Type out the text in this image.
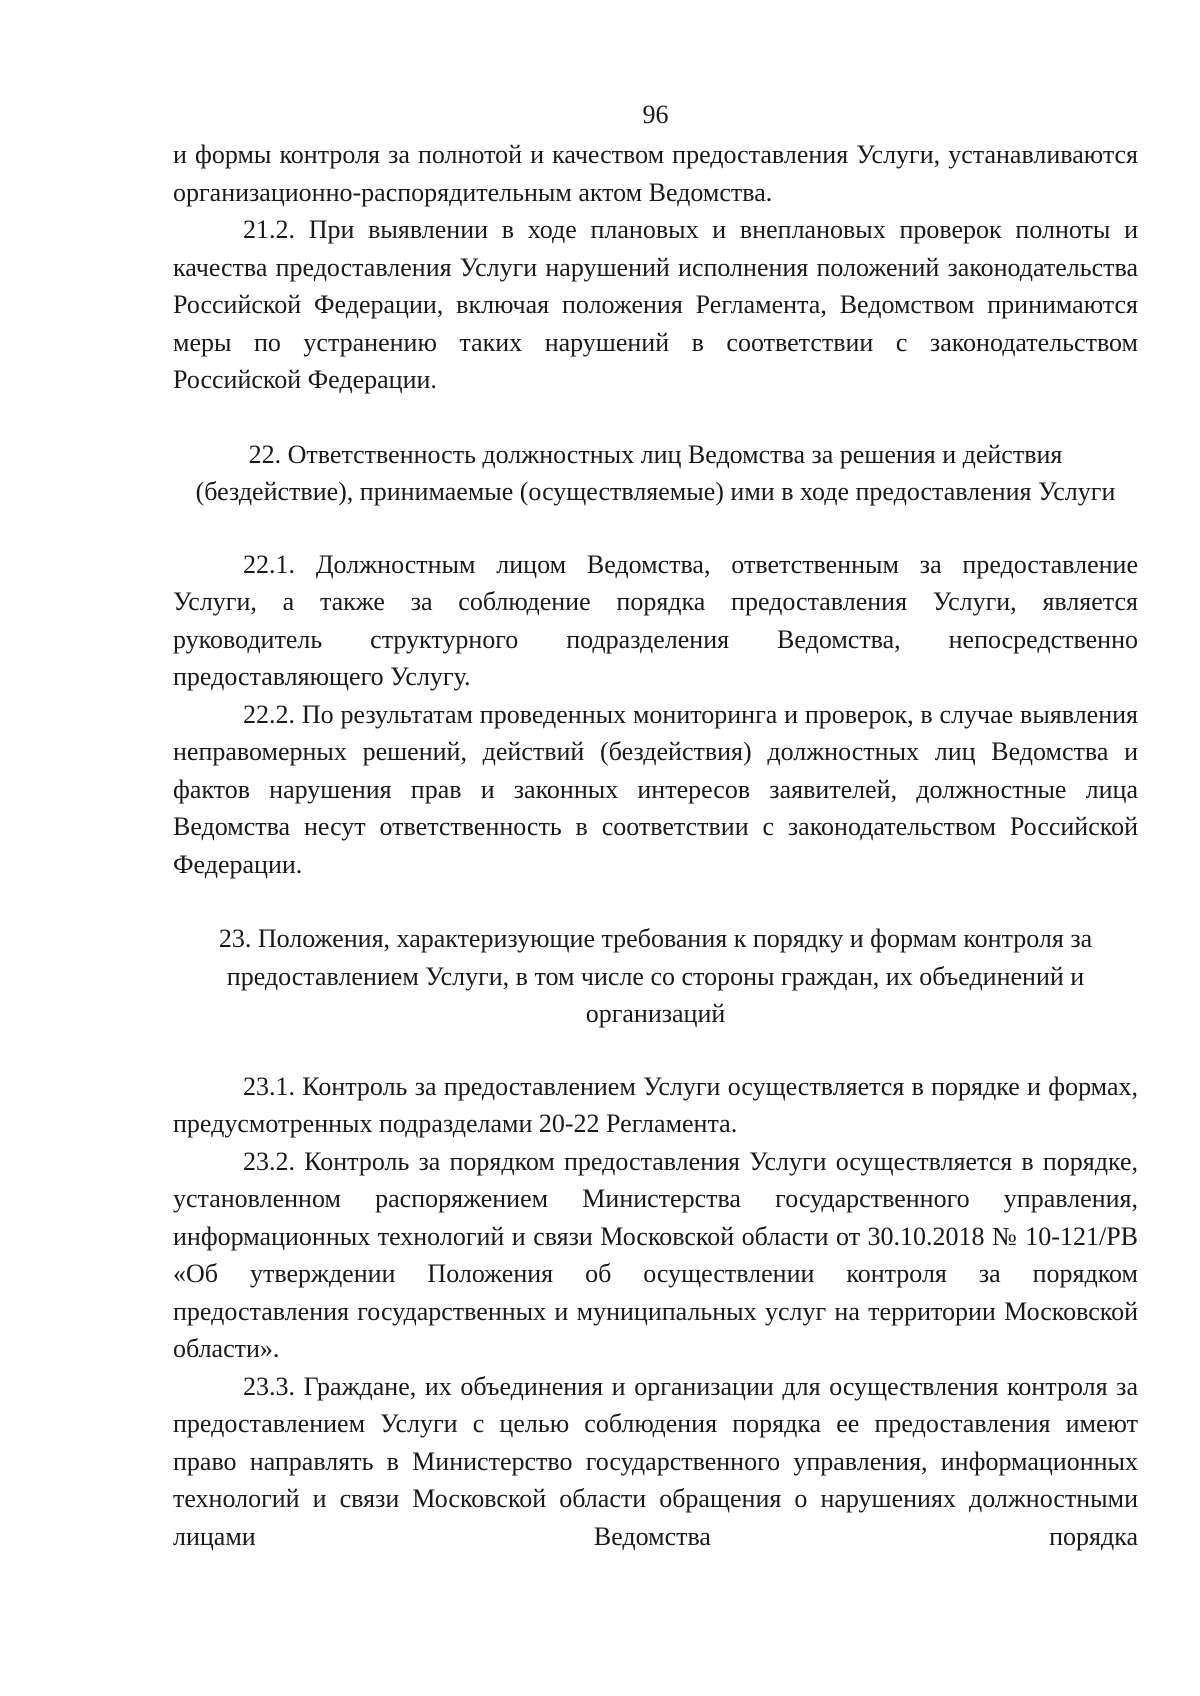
96

и формы контроля за полнотой и качеством предоставления Услуги, устанавливаются организационно-распорядительным актом Ведомства.

21.2. При выявлении в ходе плановых и внеплановых проверок полноты и качества предоставления Услуги нарушений исполнения положений законодательства Российской Федерации, включая положения Регламента, Ведомством принимаются меры по устранению таких нарушений в соответствии с законодательством Российской Федерации.

22. Ответственность должностных лиц Ведомства за решения и действия (бездействие), принимаемые (осуществляемые) ими в ходе предоставления Услуги

22.1. Должностным лицом Ведомства, ответственным за предоставление Услуги, а также за соблюдение порядка предоставления Услуги, является руководитель структурного подразделения Ведомства, непосредственно предоставляющего Услугу.

22.2. По результатам проведенных мониторинга и проверок, в случае выявления неправомерных решений, действий (бездействия) должностных лиц Ведомства и фактов нарушения прав и законных интересов заявителей, должностные лица Ведомства несут ответственность в соответствии с законодательством Российской Федерации.

23. Положения, характеризующие требования к порядку и формам контроля за предоставлением Услуги, в том числе со стороны граждан, их объединений и организаций

23.1. Контроль за предоставлением Услуги осуществляется в порядке и формах, предусмотренных подразделами 20-22 Регламента.

23.2. Контроль за порядком предоставления Услуги осуществляется в порядке, установленном распоряжением Министерства государственного управления, информационных технологий и связи Московской области от 30.10.2018 № 10-121/РВ «Об утверждении Положения об осуществлении контроля за порядком предоставления государственных и муниципальных услуг на территории Московской области».

23.3. Граждане, их объединения и организации для осуществления контроля за предоставлением Услуги с целью соблюдения порядка ее предоставления имеют право направлять в Министерство государственного управления, информационных технологий и связи Московской области обращения о нарушениях должностными лицами Ведомства порядка
